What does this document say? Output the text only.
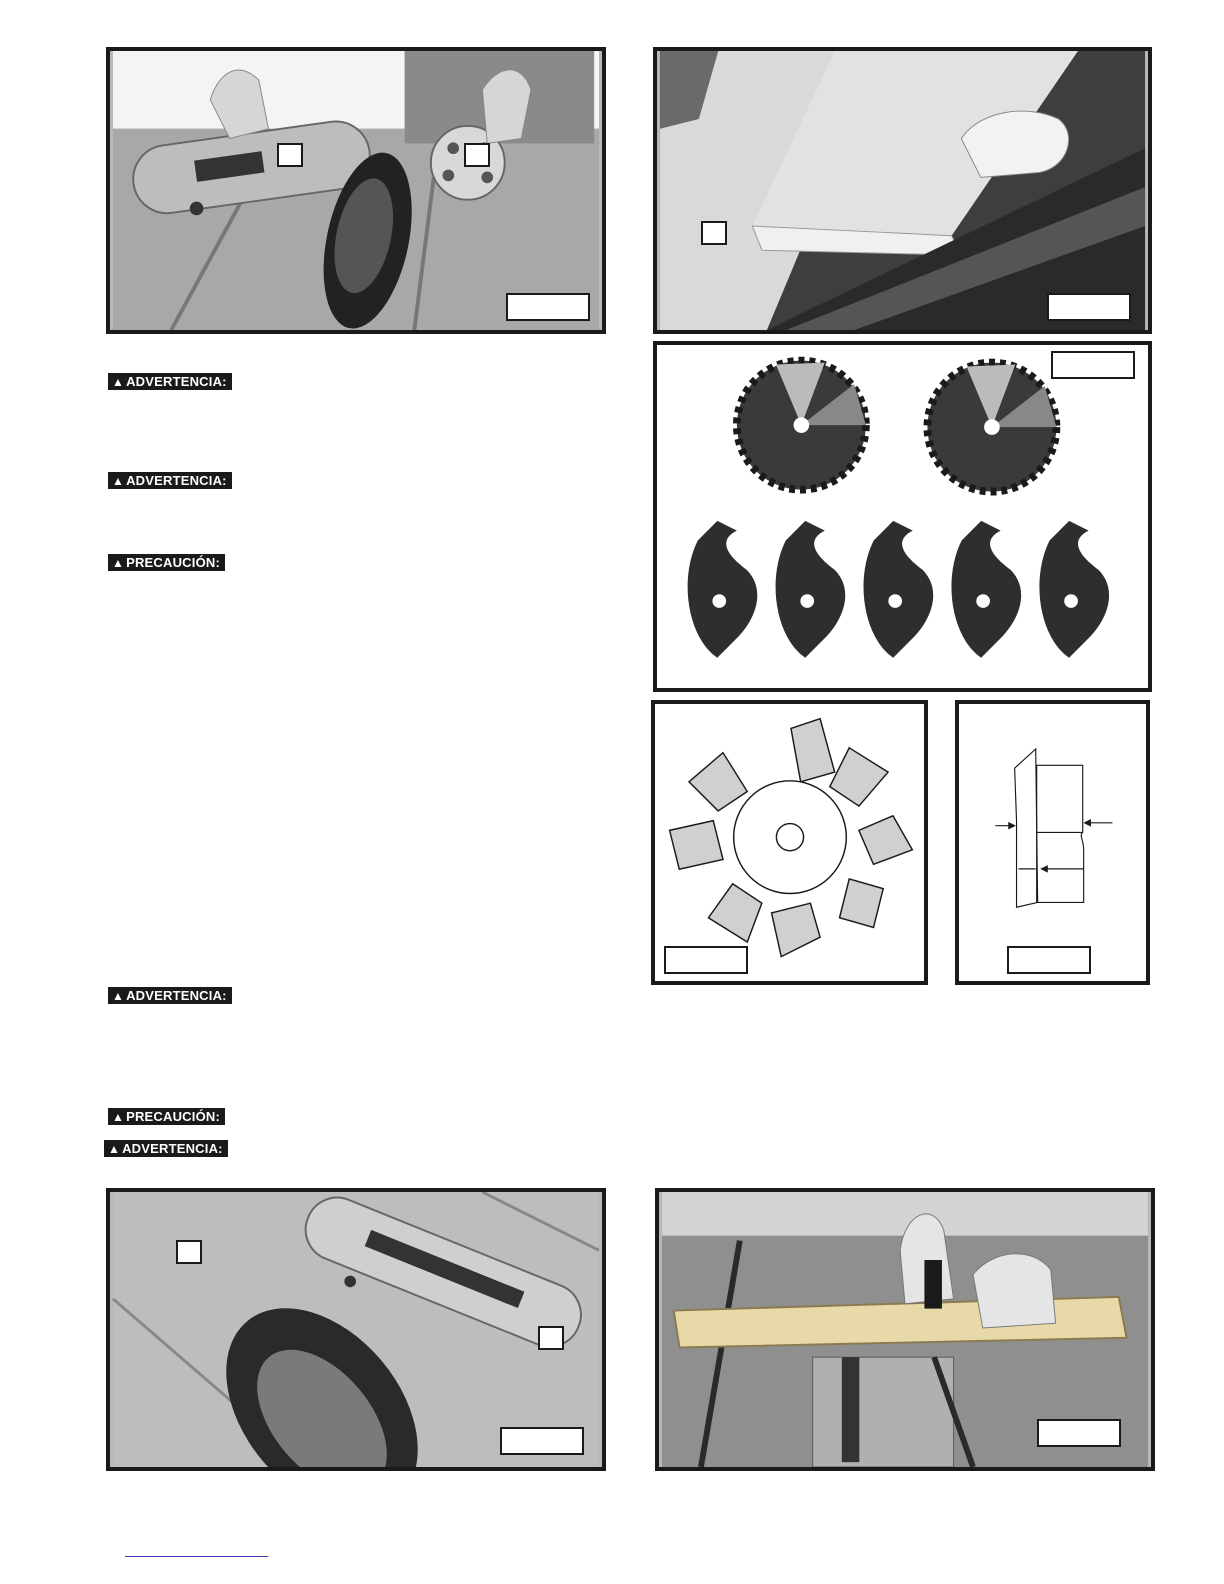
▲ ADVERTENCIA:
▲ ADVERTENCIA:
▲ PRECAUCIÓN:
▲ ADVERTENCIA:
▲ PRECAUCIÓN:
▲ ADVERTENCIA:
